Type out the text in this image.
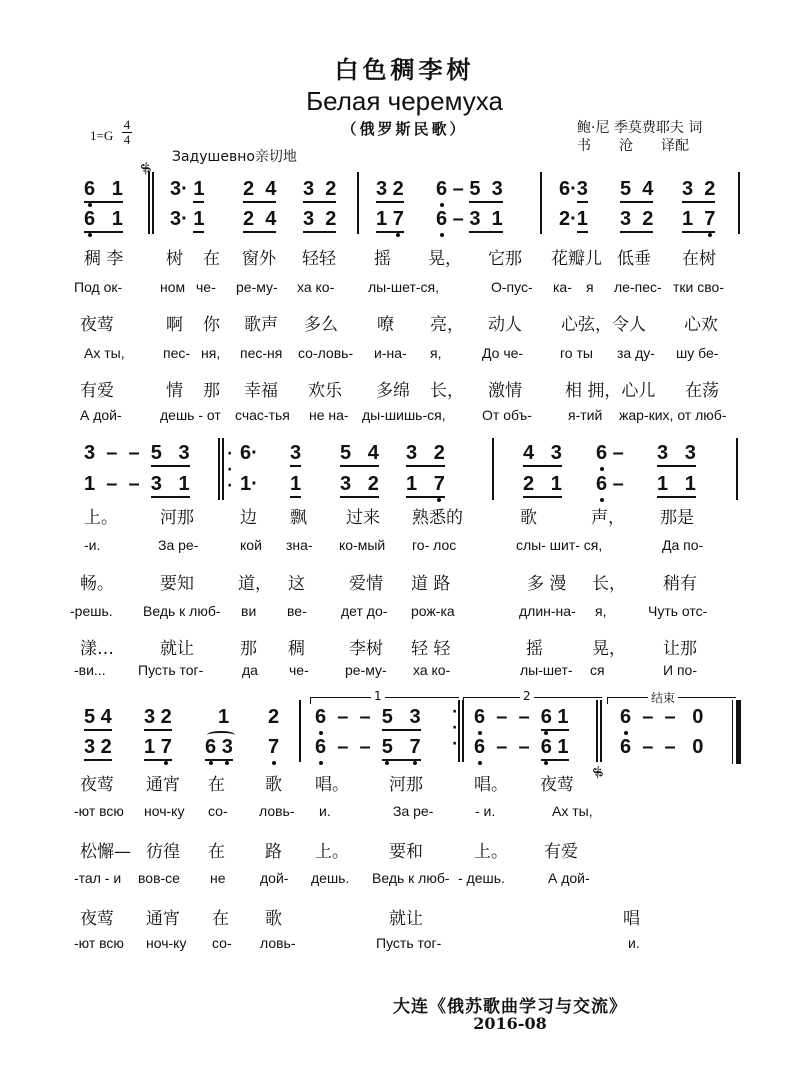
白色稠李树
Белая черемуха
（俄罗斯民歌）	鲍·尼 季莫费耶夫 词
书　　沧　　译配
1=G
4
4
Задушевно亲切地
𝄋
6   1 3· 1 2  4 3  2 3 2 6 – 5  3	6·3 5  4 3  2
6   1 3· 1 2  4 3  2 1 7 6 – 3  1	2·1 3  2 1  7
稠 李	树 在 窗外 轻轻 摇 晃， 它那 花瓣儿 低垂 在树
Под ок-	ном че- ре-му- ха ко- лы-шет-ся,	О-пус- ка- я ле-пес- тки сво-
夜莺	啊 你 歌声 多么 嘹 亮， 动人 心弦，令人 心欢
Ах ты,	пес- ня, пес-ня со-ловь- и-на- я,	До че-	го ты за ду- шу бе-
有爱	情 那 幸福 欢乐 多绵 长， 激情	相 拥，心儿 在荡
А дой-	дешь - от счас-тья не на- ды-шишь-ся,	От объ-	я-тий жар-ких, от люб-
·
·
·
3  –  –  5   3	6· 3 5   4 3   2	4   3 6 – 3   3
1  –  –  3   1	1· 1 3   2 1   7	2   1 6 – 1   1
上。 河那	边 飘 过来 熟悉的	歌	声， 那是
-и.	За ре-	кой зна- ко-мый го- лос	слы- шит- ся,	Да по-
畅。	要知	道， 这	爱情 道 路	多 漫 长， 稍有
-решь. Ведь к люб- ви ве- дет до- рож-ка	длин-на- я,	Чуть отс-
漾…	就让	那 稠	李树 轻 轻	摇	晃， 让那
-ви... Пусть тог-	да че-	ре-му- ха ко-	лы-шет- ся	И по-
1	2	结束
·
·
·
𝄋
5 4 3 2 1 2 6  –  –  5   3	6  –  –  6 1	6  –  –   0
3 2 1 7 6 3 7 6  –  –  5 7	6  –  –  6 1	6  –  –   0
夜莺 通宵 在 歌 唱。 河那	唱。 夜莺
-ют всю ноч-ку со- ловь- и.	За ре-	- и.	Ах ты,
松懈— 彷徨 在 路 上。 要和	上。 有爱
-тал - и вов-се не дой- дешь. Ведь к люб- - дешь.	А дой-
夜莺 通宵 在 歌	就让	唱
-ют всю ноч-ку со- ловь-	Пусть тог-	и.
大连《俄苏歌曲学习与交流》
2016-08
